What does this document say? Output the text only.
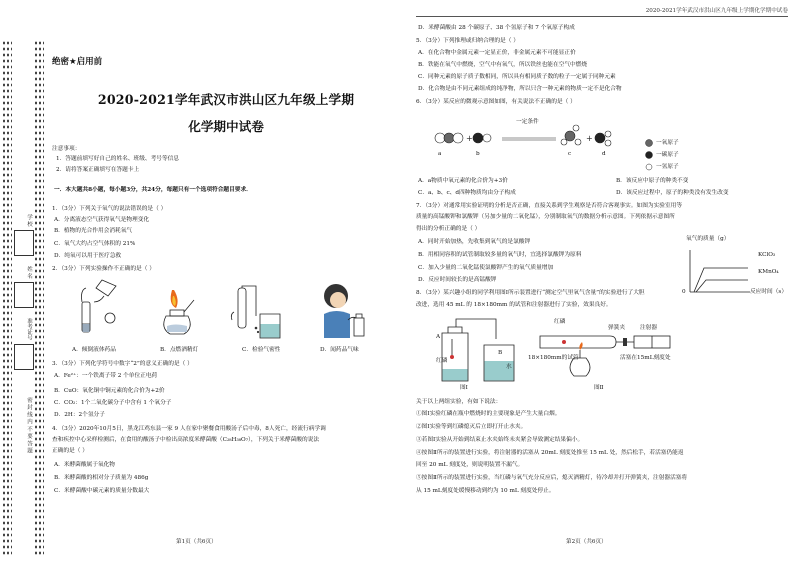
学 校
姓 名
准考证号
密 封 线 内 不 要 答 题
2020-2021学年武汉市洪山区九年级上学期化学期中试卷
绝密★启用前
2020-2021学年武汉市洪山区九年级上学期
化学期中试卷
注意事项：
1．答题前填写好自己的姓名、班级、考号等信息
2．请将答案正确填写在答题卡上
一．本大题共8小题，每小题3分，共24分，每题只有一个选项符合题目要求．
1．（3分）下列关于氧气的说法错误的是（ ）
A．分离液态空气获得氧气是物理变化
B．植物的光合作用会消耗氧气
C．氧气大约占空气体积的 21%
D．纯氧可以用于医疗急救
2．（3分）下列实验操作不正确的是（ ）
A．倾倒液体药品	B．点燃酒精灯	C．检验气密性	D．闻药品气味
3．（3分）下列化学符号中数字“2”的意义正确的是（ ）
A．Fe²⁺：一个铁离子带 2 个单位正电荷
B．CuO：氧化铜中铜元素的化合价为+2价
C．CO₂：1个二氧化碳分子中含有 1 个氧分子
D．2H：2个氢分子
4．（3分）2020年10月5日，黑龙江鸡东县一家 9 人在家中聚餐食用酸汤子后中毒，8人死亡，经流行病学调
查和疾控中心采样检测后，在食用的酸汤子中检出高浓度米酵菌酸（C₂₈H₃₈O₇），下列关于米酵菌酸的说法
正确的是（ ）
A．米酵菌酸属于氧化物
B．米酵菌酸的相对分子质量为 486g
C．米酵菌酸中碳元素的质量分数最大
第1页（共6页）
D．米酵菌酸由 28 个碳原子、38 个氢原子和 7 个氧原子构成
5．（3分）下列推理或归纳合理的是（ ）
A．在化合物中金属元素一定显正价，非金属元素不可能显正价
B．铁能在氧气中燃烧，空气中有氧气，所以铁丝也能在空气中燃烧
C．同种元素的原子质子数相同，所以具有相同质子数的粒子一定属于同种元素
D．化合物是由不同元素组成的纯净物，所以只含一种元素的物质一定不是化合物
6．（3分）某反应的微观示意图如图，有关说法不正确的是（ ）
+	+
一定条件
a	b	c	d
一氧原子
一碳原子
一氢原子
A．a物质中氧元素的化合价为+3价	B．该反应中原子的种类不变
C．a、b、c、d四种物质均由分子构成	D．该反应过程中，原子的种类没有发生改变
7．（3分）对通常用实验证明的分析是否正确，直接关系到学生观察是否符合客观事实。如图为实验室用等
质量的高锰酸钾和氯酸钾（另加少量的二氧化锰），分别制取氧气的数据分析示意图。下列依据示意图所
得出的分析正确的是（ ）
A．同时开始加热，先收集到氧气的是氯酸钾
B．用相同容积的试管制取较多量的氧气时，宜选择氯酸钾为原料
C．加入少量的二氧化锰使氯酸钾产生的氧气质量增加
D．反应时间较长的是高锰酸钾
氧气的质量（g）
0	反应时间（s）
KClO₃
KMnO₄
8．（3分）某兴趣小组的同学利用图Ⅰ所示装置进行“测定空气里氧气含量”的实验进行了大胆
改进，选用 45 mL 的 18×180mm 的试管和注射器进行了实验，效果良好。
A
红磷
B
水
图Ⅰ
红磷
弹簧夹	注射器
18×180mm的试管	活塞在15mL刻度处
图Ⅱ
关于以上两组实验，有如下说法：
①图Ⅰ实验红磷在瓶中燃烧时的主要现象是产生大量白烟。
②图Ⅰ实验等到红磷熄灭后立即打开止水夹。
③若图Ⅰ实验从开始到结束止水夹始终未夹紧会导致测定结果偏小。
④按图Ⅱ所示的装置进行实验，将注射器的活塞从 20mL 刻度处推至 15 mL 处，然后松手，若活塞仍能返
回至 20 mL 刻度处，则说明装置不漏气。
⑤按图Ⅱ所示的装置进行实验，当红磷与氧气充分反应后，熄灭酒精灯，待冷却并打开弹簧夹，注射器活塞将
从 15 mL刻度处缓慢移动到约为 10 mL 刻度处停止。
第2页（共6页）
